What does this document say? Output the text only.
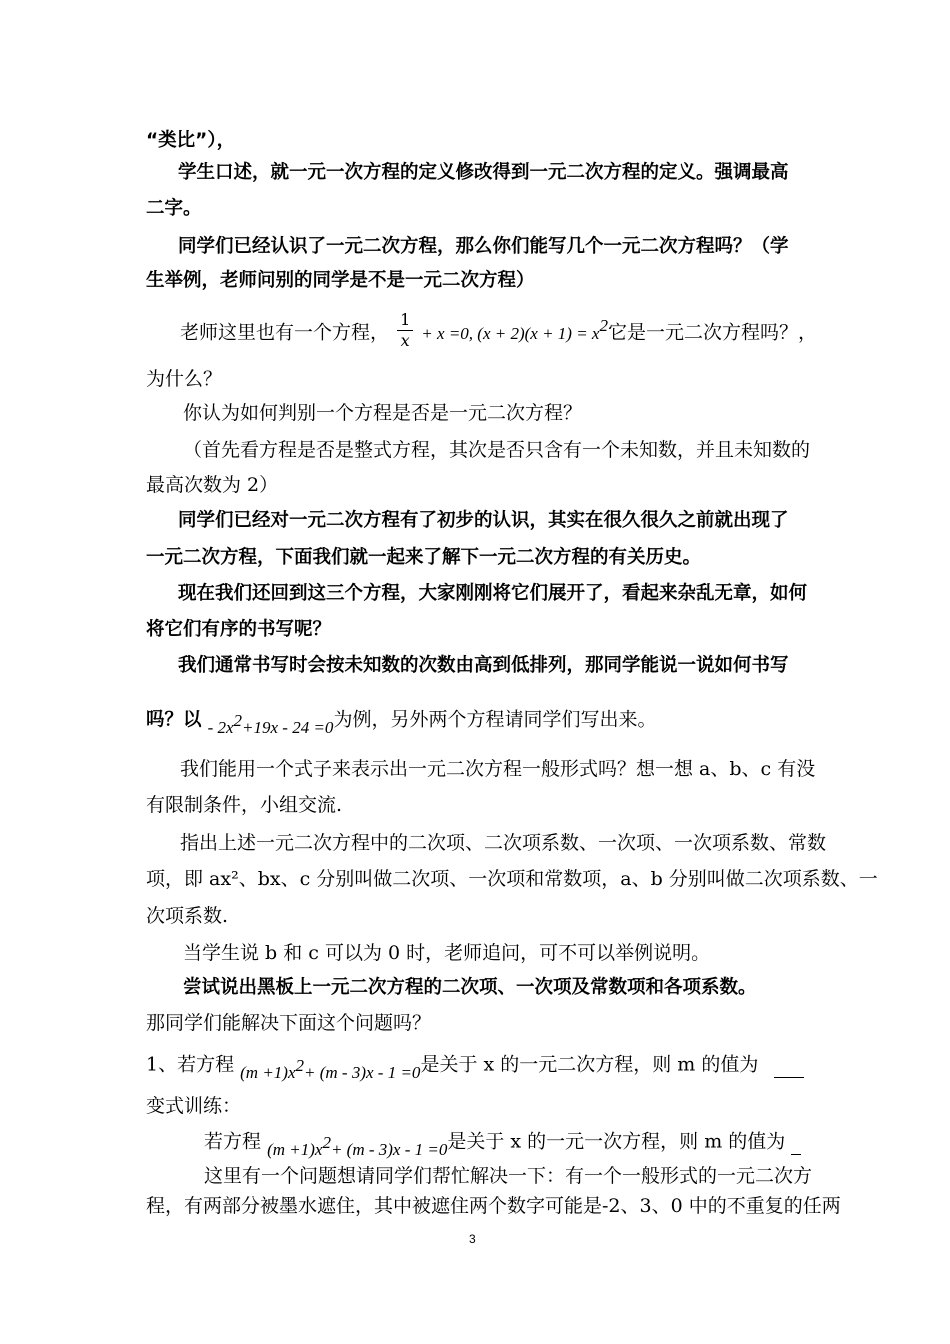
“类比”），
学生口述，就一元一次方程的定义修改得到一元二次方程的定义。强调最高
二字。
同学们已经认识了一元二次方程，那么你们能写几个一元二次方程吗？（学
生举例，老师问别的同学是不是一元二次方程）
老师这里也有一个方程， $\frac{1}{x} + x =0$, $(x + 2)(x + 1) = x^2$它是一元二次方程吗？，
为什么？
你认为如何判别一个方程是否是一元二次方程？
（首先看方程是否是整式方程，其次是否只含有一个未知数，并且未知数的
最高次数为 2）
同学们已经对一元二次方程有了初步的认识，其实在很久很久之前就出现了
一元二次方程，下面我们就一起来了解下一元二次方程的有关历史。
现在我们还回到这三个方程，大家刚刚将它们展开了，看起来杂乱无章，如何
将它们有序的书写呢？
我们通常书写时会按未知数的次数由高到低排列，那同学能说一说如何书写
吗？以 - $2x^2+19x - 24 =0$为例，另外两个方程请同学们写出来。
我们能用一个式子来表示出一元二次方程一般形式吗？想一想 a、b、c 有没
有限制条件，小组交流.
指出上述一元二次方程中的二次项、二次项系数、一次项、一次项系数、常数
项，即 ax²、bx、c 分别叫做二次项、一次项和常数项，a、b 分别叫做二次项系数、一
次项系数.
当学生说 b 和 c 可以为 0 时，老师追问，可不可以举例说明。
尝试说出黑板上一元二次方程的二次项、一次项及常数项和各项系数。
那同学们能解决下面这个问题吗？
1、若方程 $(m +1)x^2+ (m - 3)x - 1 =0$是关于 x 的一元二次方程，则 m 的值为
变式训练：
若方程 $(m +1)x^2+ (m - 3)x - 1 =0$是关于 x 的一元一次方程，则 m 的值为
这里有一个问题想请同学们帮忙解决一下：有一个一般形式的一元二次方
程，有两部分被墨水遮住，其中被遮住两个数字可能是-2、3、0 中的不重复的任两
3
